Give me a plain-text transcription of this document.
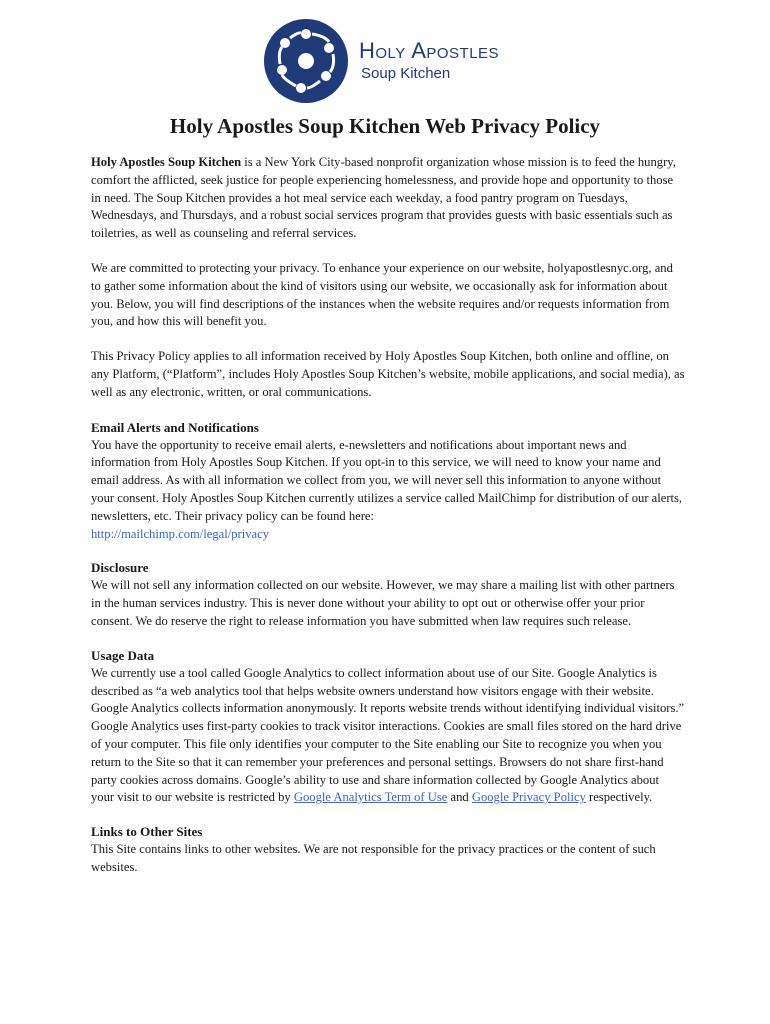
Holy Apostles
Soup Kitchen
Holy Apostles Soup Kitchen Web Privacy Policy

Holy Apostles Soup Kitchen is a New York City-based nonprofit organization whose mission is to feed the hungry, comfort the afflicted, seek justice for people experiencing homelessness, and provide hope and opportunity to those in need. The Soup Kitchen provides a hot meal service each weekday, a food pantry program on Tuesdays, Wednesdays, and Thursdays, and a robust social services program that provides guests with basic essentials such as toiletries, as well as counseling and referral services.

We are committed to protecting your privacy. To enhance your experience on our website, holyapostlesnyc.org, and to gather some information about the kind of visitors using our website, we occasionally ask for information about you. Below, you will find descriptions of the instances when the website requires and/or requests information from you, and how this will benefit you.

This Privacy Policy applies to all information received by Holy Apostles Soup Kitchen, both online and offline, on any Platform, (“Platform”, includes Holy Apostles Soup Kitchen’s website, mobile applications, and social media), as well as any electronic, written, or oral communications.

Email Alerts and Notifications

You have the opportunity to receive email alerts, e-newsletters and notifications about important news and information from Holy Apostles Soup Kitchen. If you opt-in to this service, we will need to know your name and email address. As with all information we collect from you, we will never sell this information to anyone without your consent. Holy Apostles Soup Kitchen currently utilizes a service called MailChimp for distribution of our alerts, newsletters, etc. Their privacy policy can be found here:
http://mailchimp.com/legal/privacy

Disclosure

We will not sell any information collected on our website. However, we may share a mailing list with other partners in the human services industry. This is never done without your ability to opt out or otherwise offer your prior consent. We do reserve the right to release information you have submitted when law requires such release.

Usage Data

We currently use a tool called Google Analytics to collect information about use of our Site. Google Analytics is described as “a web analytics tool that helps website owners understand how visitors engage with their website. Google Analytics collects information anonymously. It reports website trends without identifying individual visitors.” Google Analytics uses first-party cookies to track visitor interactions. Cookies are small files stored on the hard drive of your computer. This file only identifies your computer to the Site enabling our Site to recognize you when you return to the Site so that it can remember your preferences and personal settings. Browsers do not share first-hand party cookies across domains. Google’s ability to use and share information collected by Google Analytics about your visit to our website is restricted by Google Analytics Term of Use and Google Privacy Policy respectively.

Links to Other Sites

This Site contains links to other websites. We are not responsible for the privacy practices or the content of such websites.
